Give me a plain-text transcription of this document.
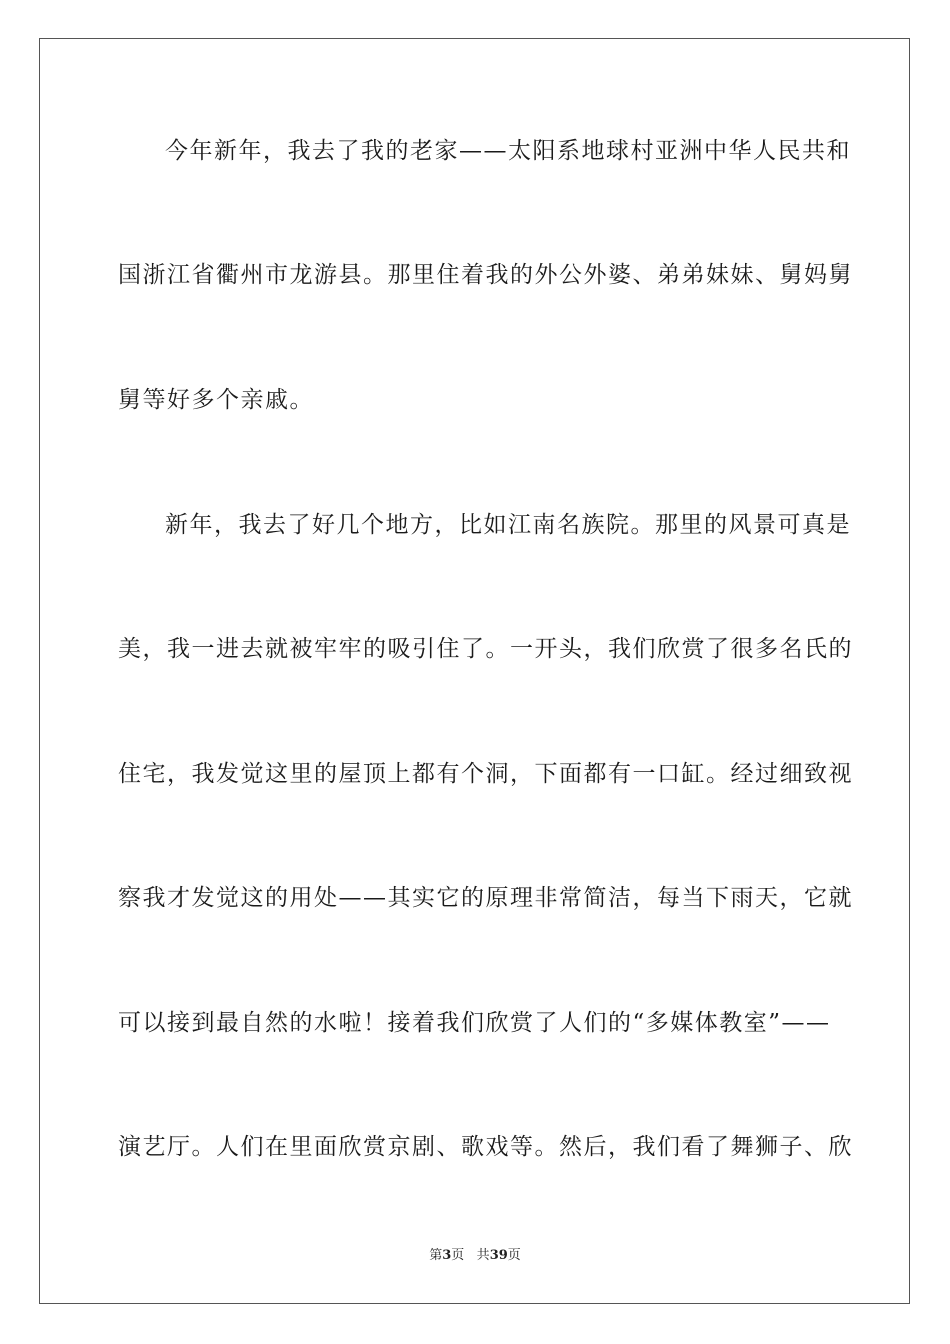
今年新年，我去了我的老家——太阳系地球村亚洲中华人民共和

国浙江省衢州市龙游县。那里住着我的外公外婆、弟弟妹妹、舅妈舅

舅等好多个亲戚。

新年，我去了好几个地方，比如江南名族院。那里的风景可真是

美，我一进去就被牢牢的吸引住了。一开头，我们欣赏了很多名氏的

住宅，我发觉这里的屋顶上都有个洞，下面都有一口缸。经过细致视

察我才发觉这的用处——其实它的原理非常简洁，每当下雨天，它就

可以接到最自然的水啦！接着我们欣赏了人们的“多媒体教室”——

演艺厅。人们在里面欣赏京剧、歌戏等。然后，我们看了舞狮子、欣

第3页 共39页
